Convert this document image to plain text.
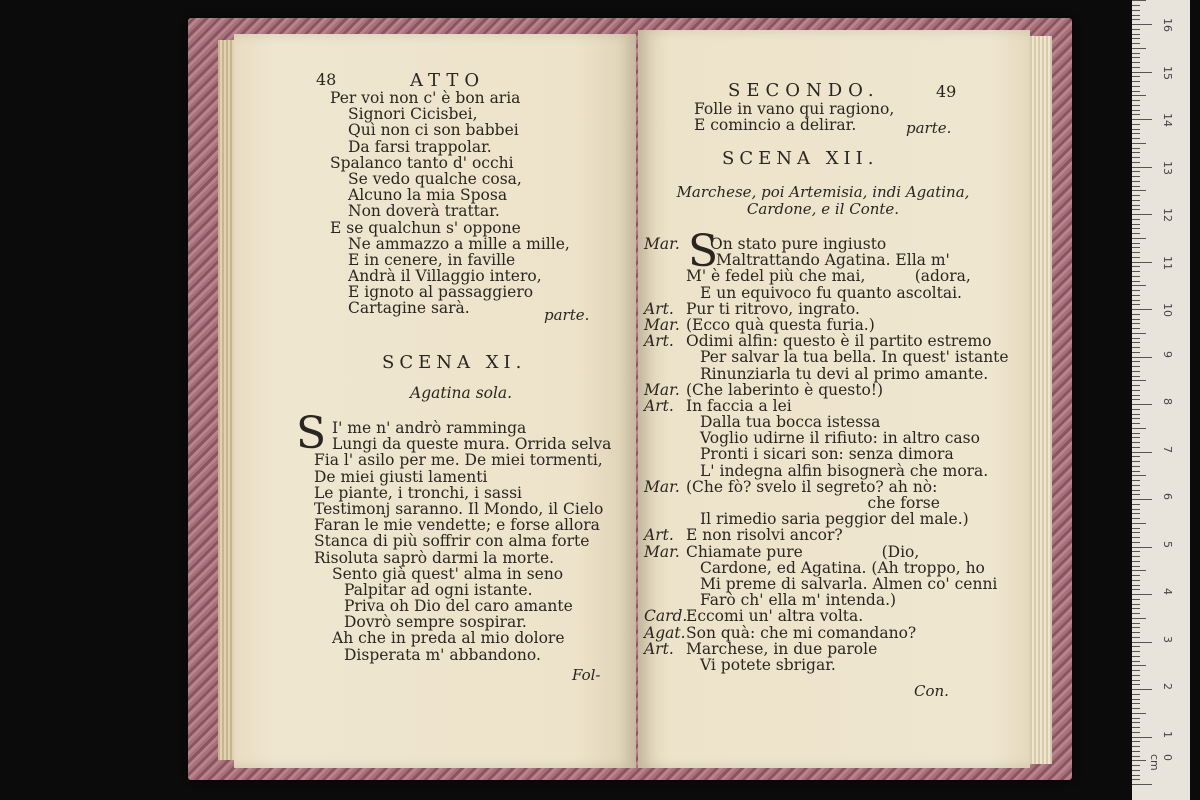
48	ATTO
Per voi non c' è bon aria
Signori Cicisbei,
Quì non ci son babbei
Da farsi trappolar.
Spalanco tanto d' occhi
Se vedo qualche cosa,
Alcuno la mia Sposa
Non doverà trattar.
E se qualchun s' oppone
Ne ammazzo a mille a mille,
E in cenere, in faville
Andrà il Villaggio intero,
E ignoto al passaggiero
Cartagine sarà.	parte.
SCENA XI.
Agatina sola.
S I' me n' andrò ramminga
Lungi da queste mura. Orrida selva
Fia l' asilo per me. De miei tormenti,
De miei giusti lamenti
Le piante, i tronchi, i sassi
Testimonj saranno. Il Mondo, il Cielo
Faran le mie vendette; e forse allora
Stanca di più soffrir con alma forte
Risoluta saprò darmi la morte.
Sento già quest' alma in seno
Palpitar ad ogni istante.
Priva oh Dio del caro amante
Dovrò sempre sospirar.
Ah che in preda al mio dolore
Disperata m' abbandono.
Fol-
SECONDO.	49
Folle in vano qui ragiono,
E comincio a delirar.	parte.
SCENA XII.
Marchese, poi Artemisia, indi Agatina,
Cardone, e il Conte.
S
Mar. On stato pure ingiusto
Maltrattando Agatina. Ella m'
M' è fedel più che mai,          (adora,
E un equivoco fu quanto ascoltai.
Art. Pur ti ritrovo, ingrato.
Mar. (Ecco quà questa furia.)
Art. Odimi alfin: questo è il partito estremo
Per salvar la tua bella. In quest' istante
Rinunziarla tu devi al primo amante.
Mar. (Che laberinto è questo!)
Art. In faccia a lei
Dalla tua bocca istessa
Voglio udirne il rifiuto: in altro caso
Pronti i sicari son: senza dimora
L' indegna alfin bisognerà che mora.
Mar. (Che fò? svelo il segreto? ah nò:
che forse
Il rimedio saria peggior del male.)
Art. E non risolvi ancor?
Mar. Chiamate pure                (Dio,
Cardone, ed Agatina. (Ah troppo, ho
Mi preme di salvarla. Almen co' cenni
Farò ch' ella m' intenda.)
Card.Eccomi un' altra volta.
Agat.Son quà: che mi comandano?
Art. Marchese, in due parole
Vi potete sbrigar.
Con.
0 cm
1
2
3
4
5
6
7
8
9
10
11
12
13
14
15
16
